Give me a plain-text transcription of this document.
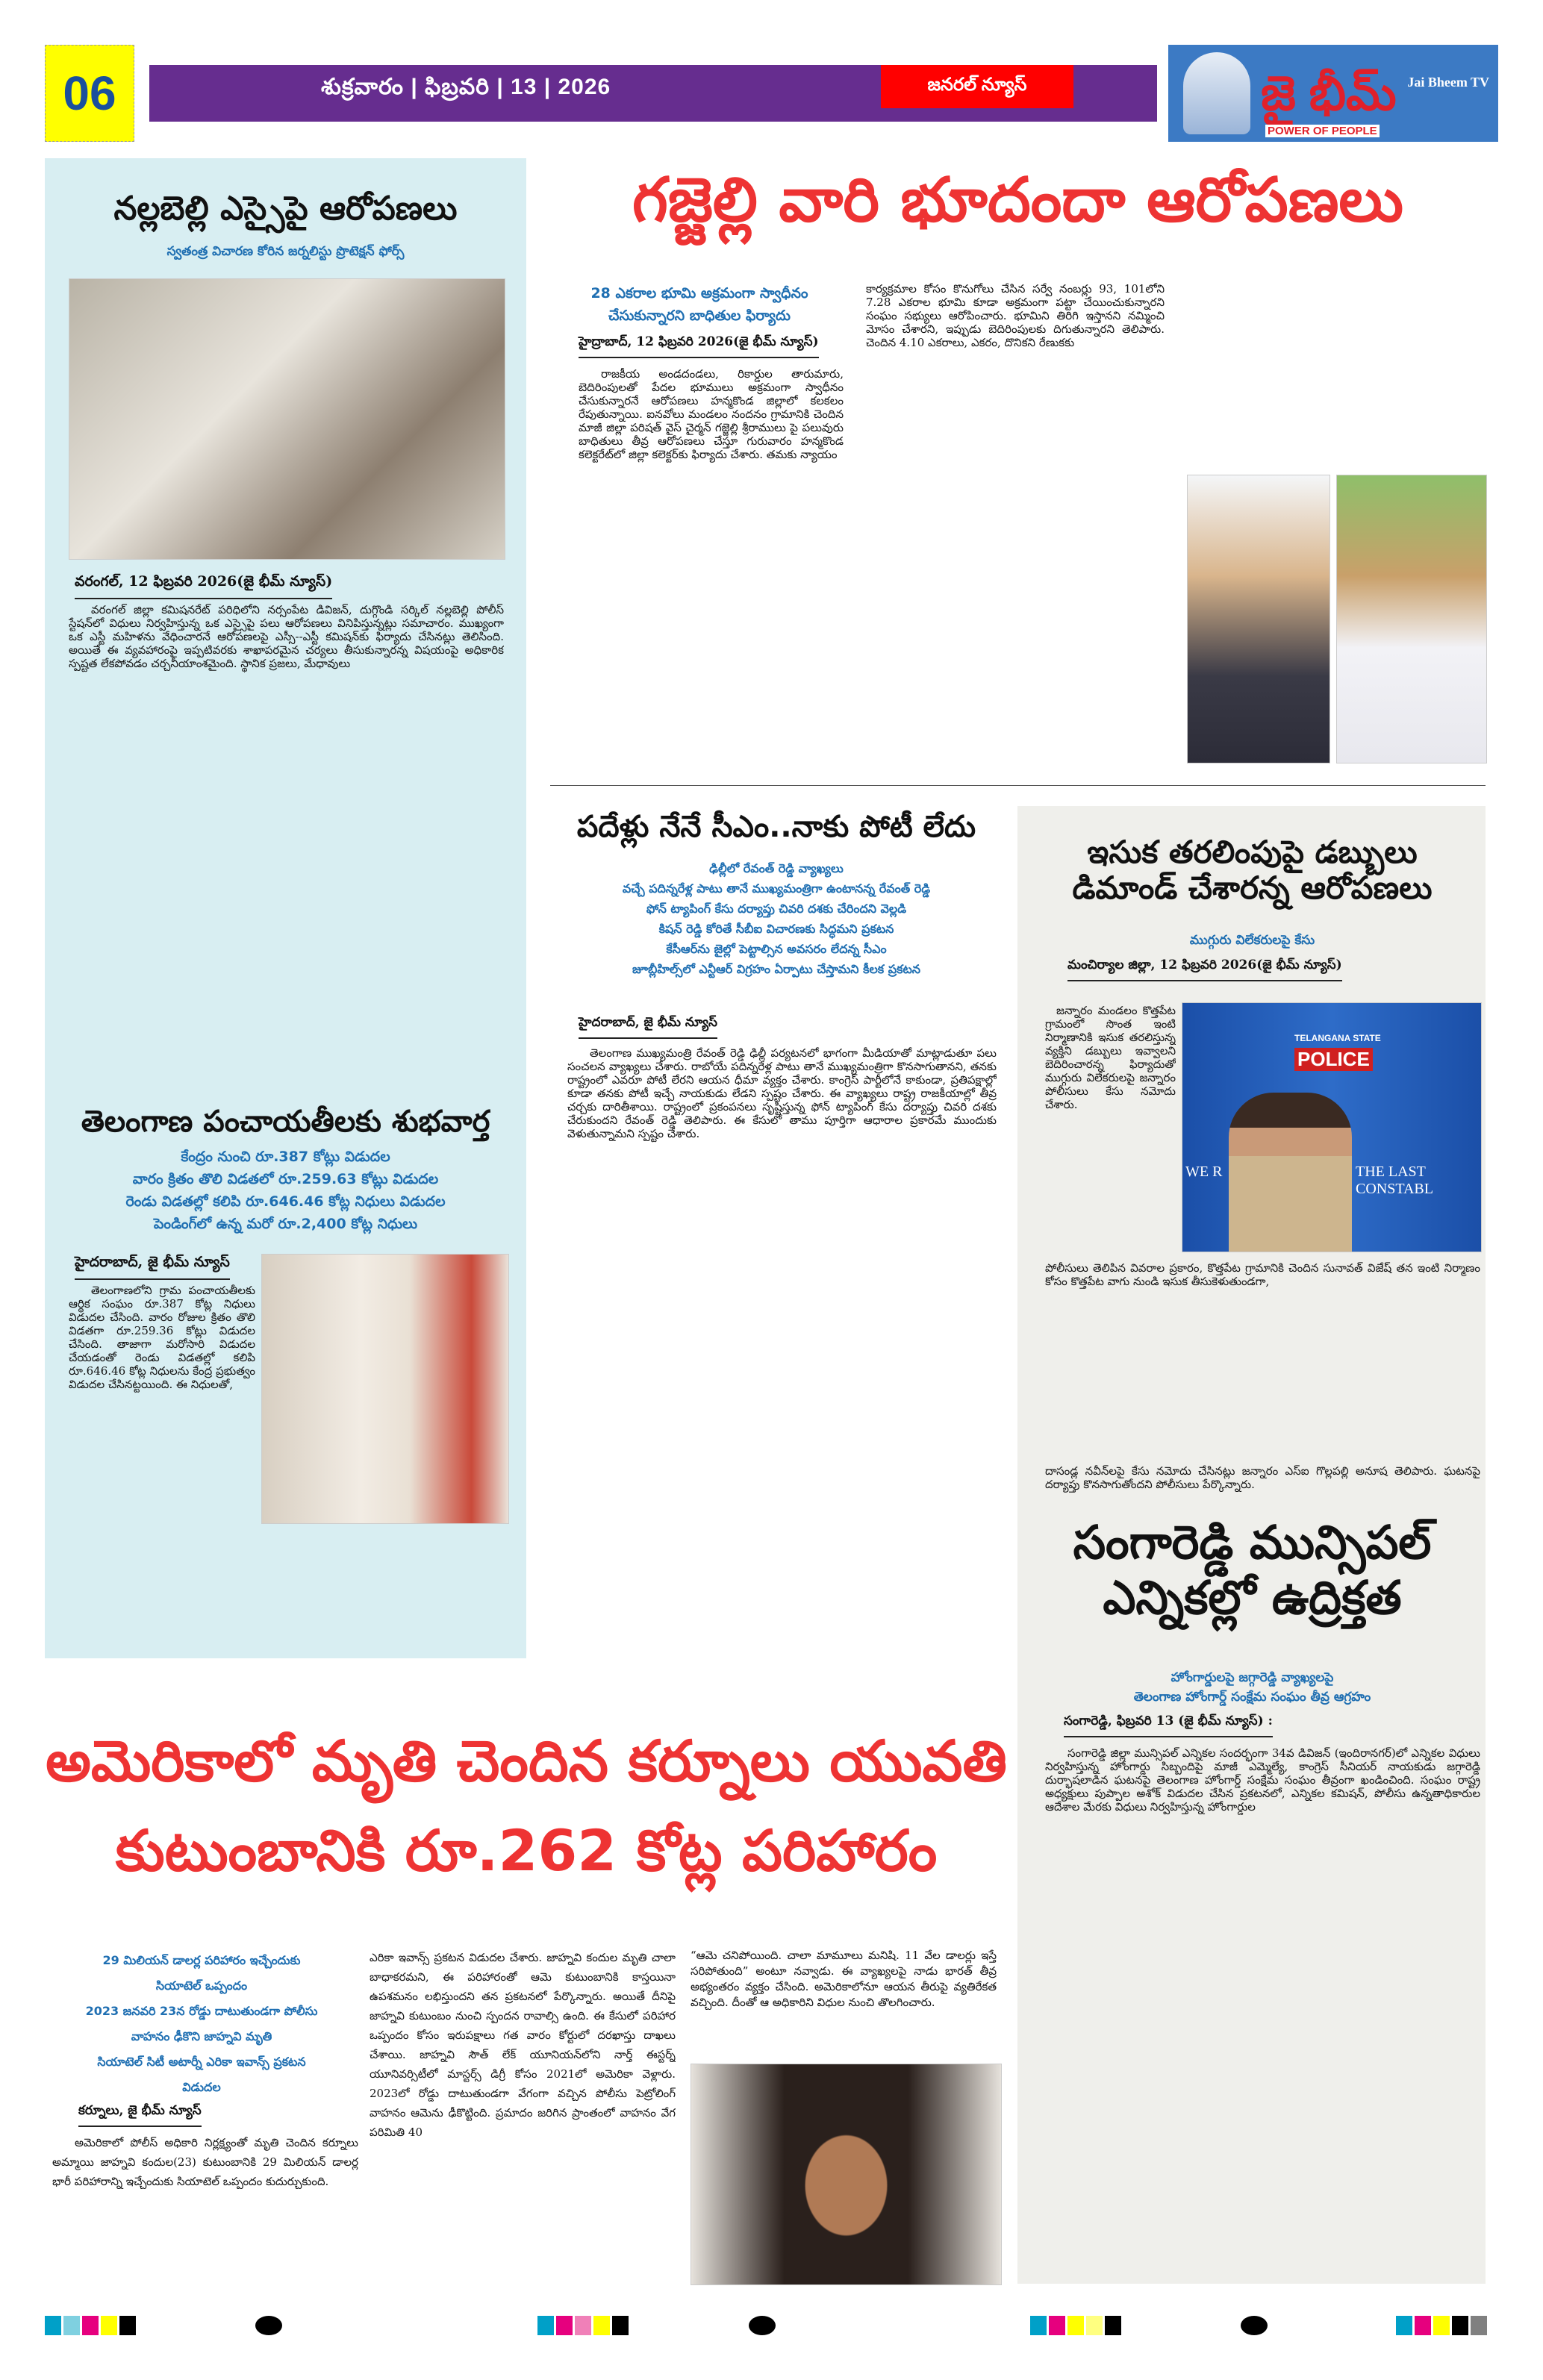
06	శుక్రవారం | ఫిబ్రవరి | 13 | 2026	జనరల్ న్యూస్	జై భీమ్
POWER OF PEOPLE
Jai Bheem TV
నల్లబెల్లి ఎస్సైపై ఆరోపణలు
స్వతంత్ర విచారణ కోరిన జర్నలిస్టు ప్రొటెక్షన్ ఫోర్స్
వరంగల్, 12 ఫిబ్రవరి 2026(జై భీమ్ న్యూస్)
వరంగల్ జిల్లా కమిషనరేట్ పరిధిలోని నర్సంపేట డివిజన్, దుగ్గొండి సర్కిల్ నల్లబెల్లి పోలీస్ స్టేషన్‌లో విధులు నిర్వహిస్తున్న ఒక ఎస్సైపై పలు ఆరోపణలు వినిపిస్తున్నట్లు సమాచారం. ముఖ్యంగా ఒక ఎస్టీ మహిళను వేధించారనే ఆరోపణలపై ఎస్సీ--ఎస్టీ కమిషన్‌కు ఫిర్యాదు చేసినట్లు తెలిసింది. అయితే ఈ వ్యవహారంపై ఇప్పటివరకు శాఖాపరమైన చర్యలు తీసుకున్నారన్న విషయంపై అధికారిక స్పష్టత లేకపోవడం చర్చనీయాంశమైంది. స్థానిక ప్రజలు, మేధావులు
తెలంగాణ పంచాయతీలకు శుభవార్త
కేంద్రం నుంచి రూ.387 కోట్లు విడుదల
వారం క్రితం తొలి విడతలో రూ.259.63 కోట్లు విడుదల
రెండు విడతల్లో కలిపి రూ.646.46 కోట్ల నిధులు విడుదల
పెండింగ్‌లో ఉన్న మరో రూ.2,400 కోట్ల నిధులు
హైదరాబాద్, జై భీమ్ న్యూస్
తెలంగాణలోని గ్రామ పంచాయతీలకు ఆర్థిక సంఘం రూ.387 కోట్ల నిధులు విడుదల చేసింది. వారం రోజుల క్రితం తొలి విడతగా రూ.259.36 కోట్లు విడుదల చేసింది. తాజాగా మరోసారి విడుదల చేయడంతో రెండు విడతల్లో కలిపి రూ.646.46 కోట్ల నిధులను కేంద్ర ప్రభుత్వం విడుదల చేసినట్టయింది. ఈ నిధులతో,
గజ్జెల్లి వారి భూదందా ఆరోపణలు
28 ఎకరాల భూమి అక్రమంగా స్వాధీనం
చేసుకున్నారని బాధితుల ఫిర్యాదు
హైద్రాబాద్, 12 ఫిబ్రవరి 2026(జై భీమ్ న్యూస్)
రాజకీయ అండదండలు, రికార్డుల తారుమారు, బెదిరింపులతో పేదల భూములు అక్రమంగా స్వాధీనం చేసుకున్నారనే ఆరోపణలు హన్మకొండ జిల్లాలో కలకలం రేపుతున్నాయి. ఐనవోలు మండలం నందనం గ్రామానికి చెందిన మాజీ జిల్లా పరిషత్ వైస్ చైర్మన్ గజ్జెల్లి శ్రీరాములు పై పలువురు బాధితులు తీవ్ర ఆరోపణలు చేస్తూ గురువారం హన్మకొండ కలెక్టరేట్‌లో జిల్లా కలెక్టర్‌కు ఫిర్యాదు చేశారు. తమకు న్యాయం
కార్యక్రమాల కోసం కొనుగోలు చేసిన సర్వే నంబర్లు 93, 101లోని 7.28 ఎకరాల భూమి కూడా అక్రమంగా పట్టా చేయించుకున్నారని సంఘం సభ్యులు ఆరోపించారు. భూమిని తిరిగి ఇస్తానని నమ్మించి మోసం చేశారని, ఇప్పుడు బెదిరింపులకు దిగుతున్నారని తెలిపారు. చెందిన 4.10 ఎకరాలు, ఎకరం, దొనికని రేణుకకు
పదేళ్లు నేనే సీఎం..నాకు పోటీ లేదు
ఢిల్లీలో రేవంత్ రెడ్డి వ్యాఖ్యలు
వచ్చే పదిన్నరేళ్ల పాటు తానే ముఖ్యమంత్రిగా ఉంటానన్న రేవంత్ రెడ్డి
ఫోన్ ట్యాపింగ్ కేసు దర్యాప్తు చివరి దశకు చేరిందని వెల్లడి
కిషన్ రెడ్డి కోరితే సీబీఐ విచారణకు సిద్ధమని ప్రకటన
కేసీఆర్‌ను జైల్లో పెట్టాల్సిన అవసరం లేదన్న సీఎం
జూబ్లీహిల్స్‌లో ఎన్టీఆర్ విగ్రహం ఏర్పాటు చేస్తామని కీలక ప్రకటన
హైదరాబాద్, జై భీమ్ న్యూస్
తెలంగాణ ముఖ్యమంత్రి రేవంత్ రెడ్డి ఢిల్లీ పర్యటనలో భాగంగా మీడియాతో మాట్లాడుతూ పలు సంచలన వ్యాఖ్యలు చేశారు. రాబోయే పదిన్నరేళ్ల పాటు తానే ముఖ్యమంత్రిగా కొనసాగుతానని, తనకు రాష్ట్రంలో ఎవరూ పోటీ లేరని ఆయన ధీమా వ్యక్తం చేశారు. కాంగ్రెస్ పార్టీలోనే కాకుండా, ప్రతిపక్షాల్లో కూడా తనకు పోటీ ఇచ్చే నాయకుడు లేడని స్పష్టం చేశారు. ఈ వ్యాఖ్యలు రాష్ట్ర రాజకీయాల్లో తీవ్ర చర్చకు దారితీశాయి. రాష్ట్రంలో ప్రకంపనలు సృష్టిస్తున్న ఫోన్ ట్యాపింగ్ కేసు దర్యాప్తు చివరి దశకు చేరుకుందని రేవంత్ రెడ్డి తెలిపారు. ఈ కేసులో తాము పూర్తిగా ఆధారాల ప్రకారమే ముందుకు వెళుతున్నామని స్పష్టం చేశారు.
ఇసుక తరలింపుపై డబ్బులు డిమాండ్ చేశారన్న ఆరోపణలు
ముగ్గురు విలేకరులపై కేసు
మంచిర్యాల జిల్లా, 12 ఫిబ్రవరి 2026(జై భీమ్ న్యూస్)
జన్నారం మండలం కొత్తపేట గ్రామంలో సొంత ఇంటి నిర్మాణానికి ఇసుక తరలిస్తున్న వ్యక్తిని డబ్బులు ఇవ్వాలని బెదిరించారన్న ఫిర్యాదుతో ముగ్గురు విలేకరులపై జన్నారం పోలీసులు కేసు నమోదు చేశారు.
TELANGANA STATE
POLICE
WE R	THE LAST CONSTABL
పోలీసులు తెలిపిన వివరాల ప్రకారం, కొత్తపేట గ్రామానికి చెందిన సునావత్ విజేష్ తన ఇంటి నిర్మాణం కోసం కొత్తపేట వాగు నుండి ఇసుక తీసుకెళుతుండగా,
దాసండ్ల నవీన్‌లపై కేసు నమోదు చేసినట్లు జన్నారం ఎస్ఐ గొల్లపల్లి అనూష తెలిపారు. ఘటనపై దర్యాప్తు కొనసాగుతోందని పోలీసులు పేర్కొన్నారు.
సంగారెడ్డి మున్సిపల్ ఎన్నికల్లో ఉద్రిక్తత
హోంగార్డులపై జగ్గారెడ్డి వ్యాఖ్యలపై
తెలంగాణ హోంగార్డ్ సంక్షేమ సంఘం తీవ్ర ఆగ్రహం
సంగారెడ్డి, ఫిబ్రవరి 13 (జై భీమ్ న్యూస్) :
సంగారెడ్డి జిల్లా మున్సిపల్ ఎన్నికల సందర్భంగా 34వ డివిజన్ (ఇందిరానగర్)లో ఎన్నికల విధులు నిర్వహిస్తున్న హోంగార్డు సిబ్బందిపై మాజీ ఎమ్మెల్యే, కాంగ్రెస్ సీనియర్ నాయకుడు జగ్గారెడ్డి దుర్భాషలాడిన ఘటనపై తెలంగాణ హోంగార్డ్ సంక్షేమ సంఘం తీవ్రంగా ఖండించింది. సంఘం రాష్ట్ర అధ్యక్షులు పుప్పాల అశోక్ విడుదల చేసిన ప్రకటనలో, ఎన్నికల కమిషన్, పోలీసు ఉన్నతాధికారుల ఆదేశాల మేరకు విధులు నిర్వహిస్తున్న హోంగార్డుల
అమెరికాలో మృతి చెందిన కర్నూలు యువతి
కుటుంబానికి రూ.262 కోట్ల పరిహారం
29 మిలియన్ డాలర్ల పరిహారం ఇచ్చేందుకు
సియాటెల్ ఒప్పందం
2023 జనవరి 23న రోడ్డు దాటుతుండగా పోలీసు
వాహనం ఢీకొని జాహ్నవి మృతి
సియాటెల్ సిటీ అటార్నీ ఎరికా ఇవాన్స్ ప్రకటన
విడుదల
కర్నూలు, జై భీమ్ న్యూస్
అమెరికాలో పోలీస్ అధికారి నిర్లక్ష్యంతో మృతి చెందిన కర్నూలు అమ్మాయి జాహ్నవి కందుల(23) కుటుంబానికి 29 మిలియన్ డాలర్ల భారీ పరిహారాన్ని ఇచ్చేందుకు సియాటెల్ ఒప్పందం కుదుర్చుకుంది.
ఎరికా ఇవాన్స్ ప్రకటన విడుదల చేశారు. జాహ్నవి కందుల మృతి చాలా బాధాకరమని, ఈ పరిహారంతో ఆమె కుటుంబానికి కాస్తయినా ఉపశమనం లభిస్తుందని తన ప్రకటనలో పేర్కొన్నారు. అయితే దీనిపై జాహ్నవి కుటుంబం నుంచి స్పందన రావాల్సి ఉంది. ఈ కేసులో పరిహార ఒప్పందం కోసం ఇరుపక్షాలు గత వారం కోర్టులో దరఖాస్తు దాఖలు చేశాయి. జాహ్నవి సౌత్ లేక్ యూనియన్‌లోని నార్త్ ఈస్టర్న్ యూనివర్సిటీలో మాస్టర్స్ డిగ్రీ కోసం 2021లో అమెరికా వెళ్లారు. 2023లో రోడ్డు దాటుతుండగా వేగంగా వచ్చిన పోలీసు పెట్రోలింగ్ వాహనం ఆమెను ఢీకొట్టింది. ప్రమాదం జరిగిన ప్రాంతంలో వాహనం వేగ పరిమితి 40
“ఆమె చనిపోయింది. చాలా మామూలు మనిషి. 11 వేల డాలర్లు ఇస్తే సరిపోతుంది” అంటూ నవ్వాడు. ఈ వ్యాఖ్యలపై నాడు భారత్ తీవ్ర అభ్యంతరం వ్యక్తం చేసింది. అమెరికాలోనూ ఆయన తీరుపై వ్యతిరేకత వచ్చింది. దీంతో ఆ అధికారిని విధుల నుంచి తొలగించారు.
